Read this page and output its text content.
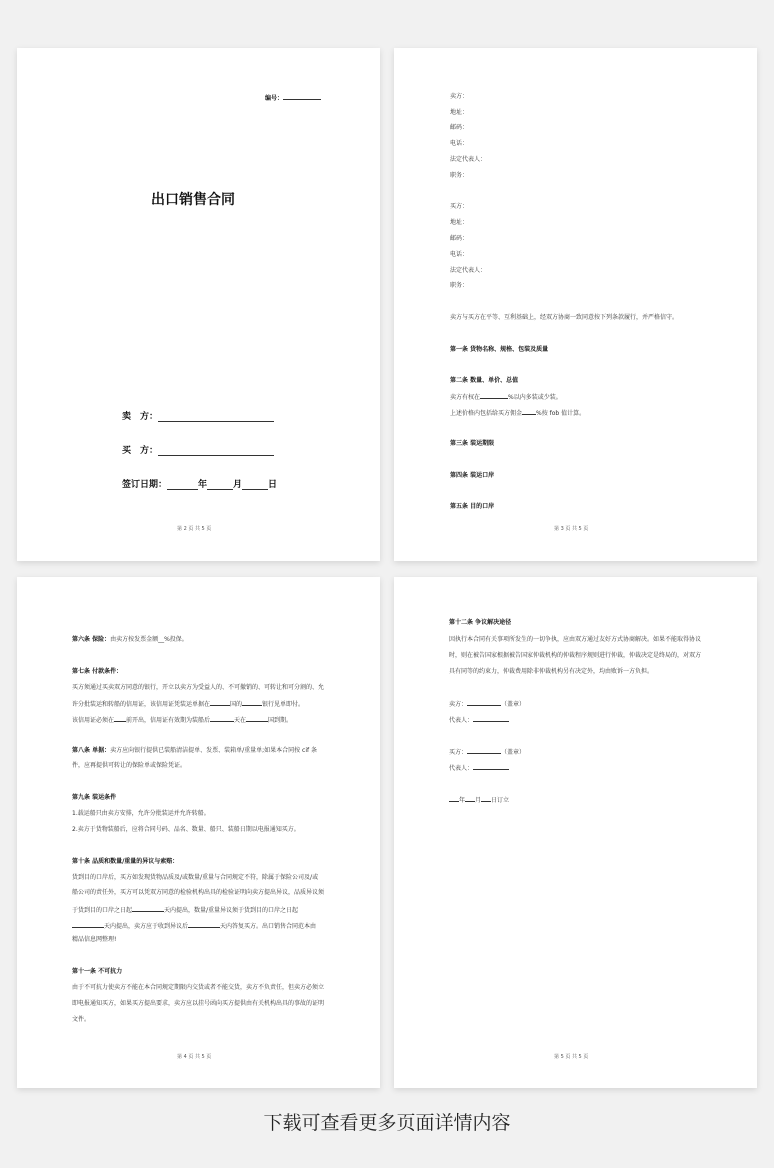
编号：
出口销售合同
卖　方：
买　方：
签订日期：	年	月	日
第 2 页 共 5 页
卖方：
地址：
邮码：
电话：
法定代表人：
职务：
买方：
地址：
邮码：
电话：
法定代表人：
职务：
卖方与买方在平等、互利基础上，经双方协商一致同意按下列条款履行，并严格信守。
第一条 货物名称、规格、包装及质量
第二条 数量、单价、总值
卖方有权在	%以内多装或少装。
上述价格内包括给买方佣金 %按 fob 值计算。
第三条 装运期限
第四条 装运口岸
第五条 目的口岸
第 3 页 共 5 页
第六条 保险：由卖方按发票金额__%投保。
第七条 付款条件：
买方须通过买卖双方同意的银行，开立以卖方为受益人的、不可撤销的、可转让和可分割的、允
许分批装运和转船的信用证，该信用证凭装运单据在	国的	银行见单即付。
该信用证必须在 前开出，信用证有效期为装船后	天在	国到期。
第八条 单据：卖方应向银行提供已装船清洁提单、发票、装箱单/重量单;如果本合同按 cif 条
件，应再提供可转让的保险单或保险凭证。
第九条 装运条件
1.载运船只由卖方安排，允许分批装运并允许转船。
2.卖方于货物装船后，应将合同号码、品名、数量、船只、装船日期以电报通知买方。
第十条 品质和数量/重量的异议与索赔：
货到目的口岸后，买方如发现货物品质及/或数量/重量与合同规定不符，除属于保险公司及/或
船公司的责任外，买方可以凭双方同意的检验机构出具的检验证明向卖方提出异议，品质异议须
于货到目的口岸之日起	天内提出，数量/重量异议须于货到目的口岸之日起
天内提出，卖方应于收到异议后	天内答复买方。出口销售合同范本由
精品信息网整理!
第十一条 不可抗力
由于不可抗力使卖方不能在本合同规定期限内交货或者不能交货，卖方不负责任，但卖方必须立
即电报通知买方，如果买方提出要求，卖方应以挂号函向买方提供由有关机构出具的事故的证明
文件。
第 4 页 共 5 页
第十二条 争议解决途径
因执行本合同有关事项所发生的一切争执，应由双方通过友好方式协商解决。如果不能取得协议
时，则在被告国家根据被告国家仲裁机构的仲裁程序规则进行仲裁，仲裁决定是终局的，对双方
具有同等的约束力，仲裁费用除非仲裁机构另有决定外，均由败诉一方负担。
卖方：	（盖章）
代表人：
买方：	（盖章）
代表人：
年 月 日订立
第 5 页 共 5 页
下载可查看更多页面详情内容
